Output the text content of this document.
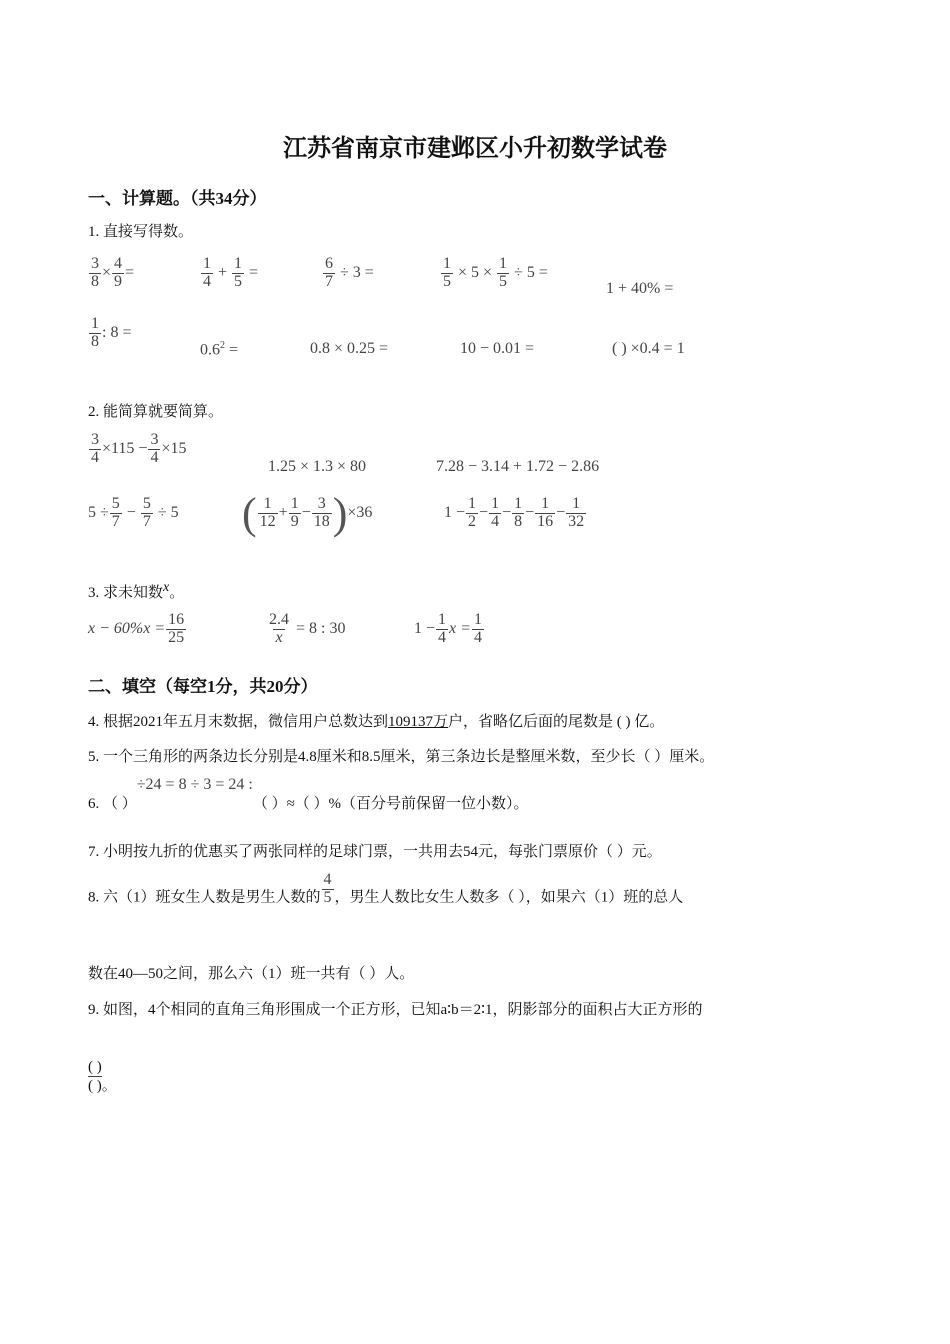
江苏省南京市建邺区小升初数学试卷
一、计算题。（共34分）
1. 直接写得数。
$\frac{3}{8} \times \frac{4}{9}$ =	$\frac{1}{4} + \frac{1}{5}$ =	$\frac{6}{7} \div 3$ =	$\frac{1}{5} \times 5 \times \frac{1}{5} \div 5$ =
1 + 40% =
$\frac{1}{8}$ : 8 =
$0.6^2$ =	0.8 × 0.25 =	10 − 0.01 =	( ) ×0.4 = 1
2. 能简算就要简算。
$\frac{3}{4} \times 115 - \frac{3}{4} \times 15$
1.25 × 1.3 × 80	7.28 − 3.14 + 1.72 − 2.86
$5 \div \frac{5}{7} - \frac{5}{7} \div 5$ ( $\frac{1}{12} + \frac{1}{9} - \frac{3}{18} )\times 36$	$1 - \frac{1}{2} - \frac{1}{4} - \frac{1}{8} - \frac{1}{16} - \frac{1}{32}$
3. 求未知数$^x$。
$x - 60\%x = \frac{16}{25}$	$\frac{2.4}{x} = 8$ : 30	$1 - \frac{1}{4}$ $x = \frac{1}{4}$
二、填空（每空1分，共20分）
4. 根据2021年五月末数据，微信用户总数达到109137万户，省略亿后面的尾数是 ( ) 亿。
5. 一个三角形的两条边长分别是4.8厘米和8.5厘米，第三条边长是整厘米数，至少长（ ）厘米。
6. （ ）÷24 = 8 ÷ 3 = 24 :（ ）≈（ ）%（百分号前保留一位小数）。
7. 小明按九折的优惠买了两张同样的足球门票，一共用去54元，每张门票原价（ ）元。
8. 六（1）班女生人数是男生人数的 $\frac{4}{5}$ ，男生人数比女生人数多（ ），如果六（1）班的总人
数在40—50之间，那么六（1）班一共有（ ）人。
9. 如图，4个相同的直角三角形围成一个正方形，已知a∶b＝2∶1，阴影部分的面积占大正方形的
( )
( ) 。
